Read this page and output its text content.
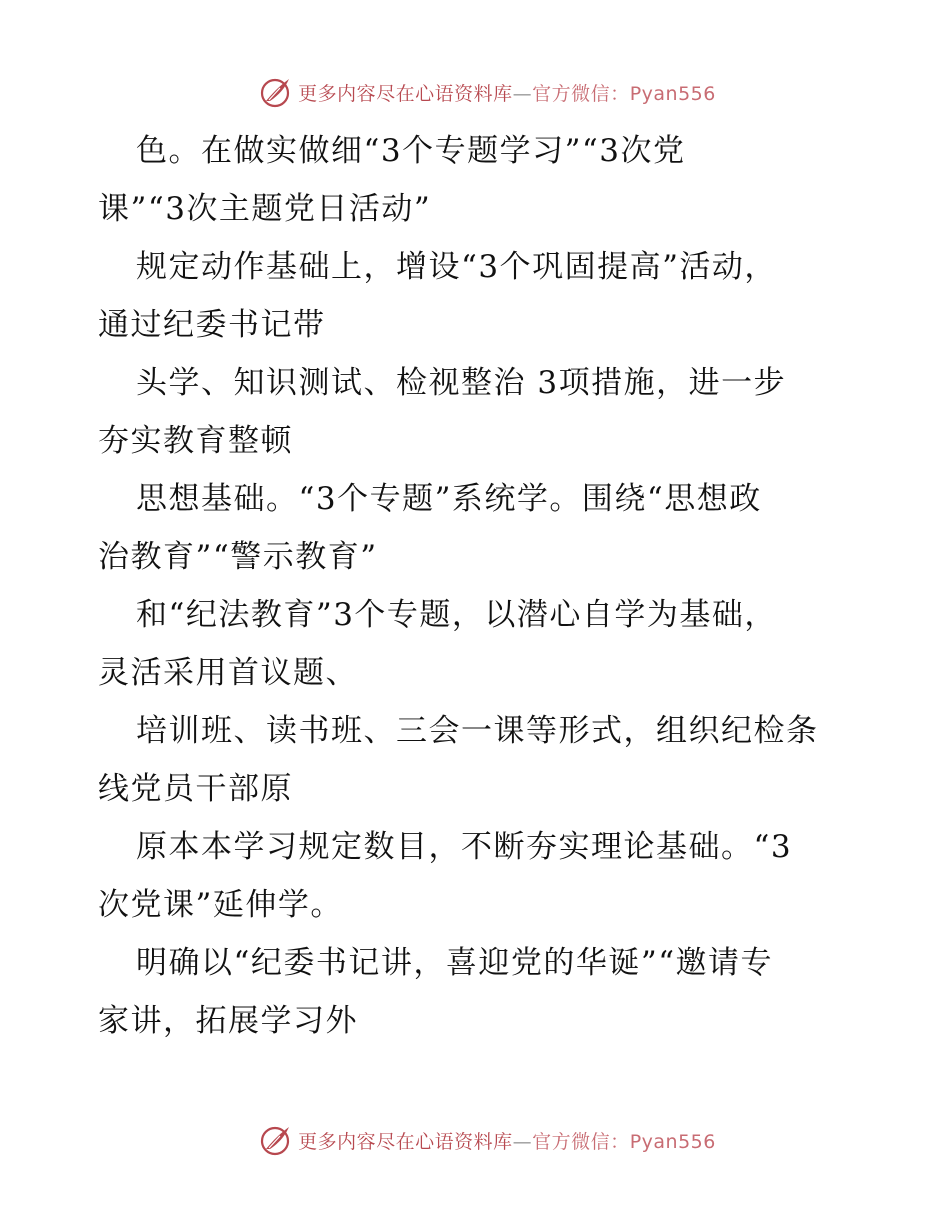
更多内容尽在心语资料库—官方微信：Pyan556
色。在做实做细“3个专题学习”“3次党
课”“3次主题党日活动”
规定动作基础上，增设“3个巩固提高”活动，
通过纪委书记带
头学、知识测试、检视整治 3项措施，进一步
夯实教育整顿
思想基础。“3个专题”系统学。围绕“思想政
治教育”“警示教育”
和“纪法教育”3个专题，以潜心自学为基础，
灵活采用首议题、
培训班、读书班、三会一课等形式，组织纪检条
线党员干部原
原本本学习规定数目，不断夯实理论基础。“3
次党课”延伸学。
明确以“纪委书记讲，喜迎党的华诞”“邀请专
家讲，拓展学习外
更多内容尽在心语资料库—官方微信：Pyan556
